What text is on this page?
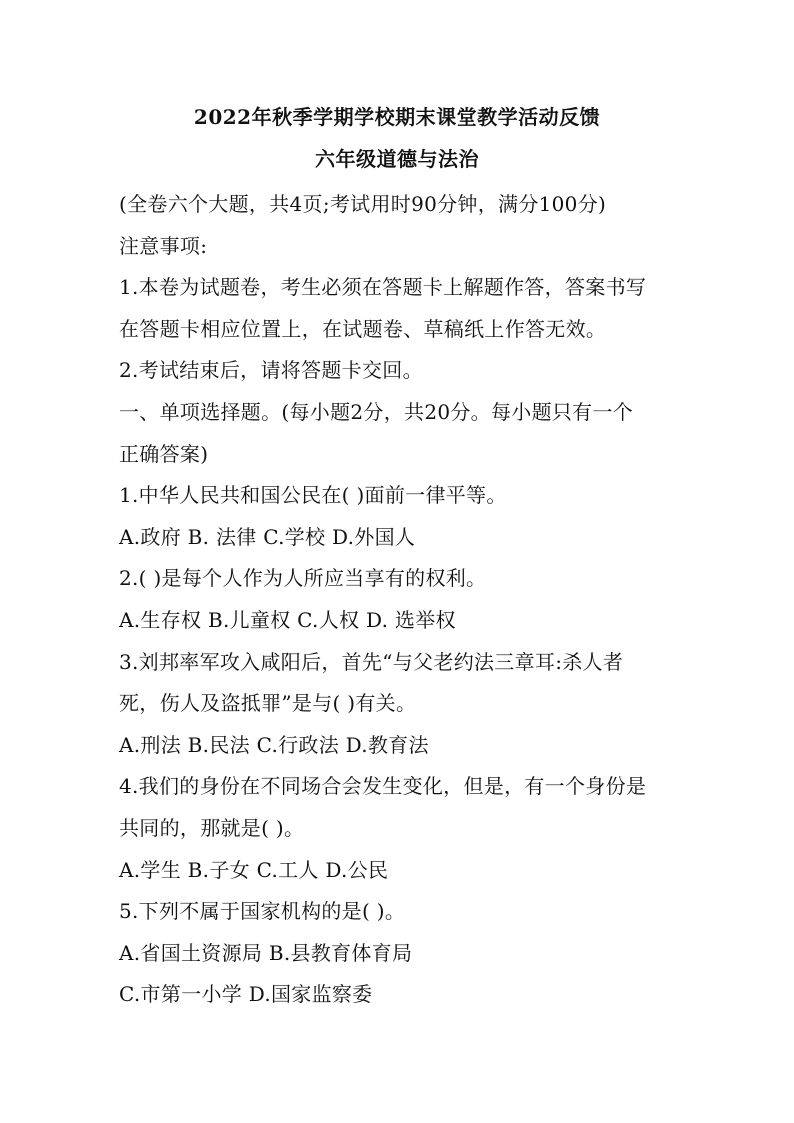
2022年秋季学期学校期末课堂教学活动反馈
六年级道德与法治
(全卷六个大题，共4页;考试用时90分钟，满分100分)
注意事项:
1.本卷为试题卷，考生必须在答题卡上解题作答，答案书写
在答题卡相应位置上，在试题卷、草稿纸上作答无效。
2.考试结束后，请将答题卡交回。
一、单项选择题。(每小题2分，共20分。每小题只有一个
正确答案)
1.中华人民共和国公民在( )面前一律平等。
A.政府 B. 法律 C.学校 D.外国人
2.( )是每个人作为人所应当享有的权利。
A.生存权 B.儿童权 C.人权 D. 选举权
3.刘邦率军攻入咸阳后，首先“与父老约法三章耳:杀人者
死，伤人及盗抵罪”是与( )有关。
A.刑法 B.民法 C.行政法 D.教育法
4.我们的身份在不同场合会发生变化，但是，有一个身份是
共同的，那就是( )。
A.学生 B.子女 C.工人 D.公民
5.下列不属于国家机构的是( )。
A.省国土资源局 B.县教育体育局
C.市第一小学 D.国家监察委
